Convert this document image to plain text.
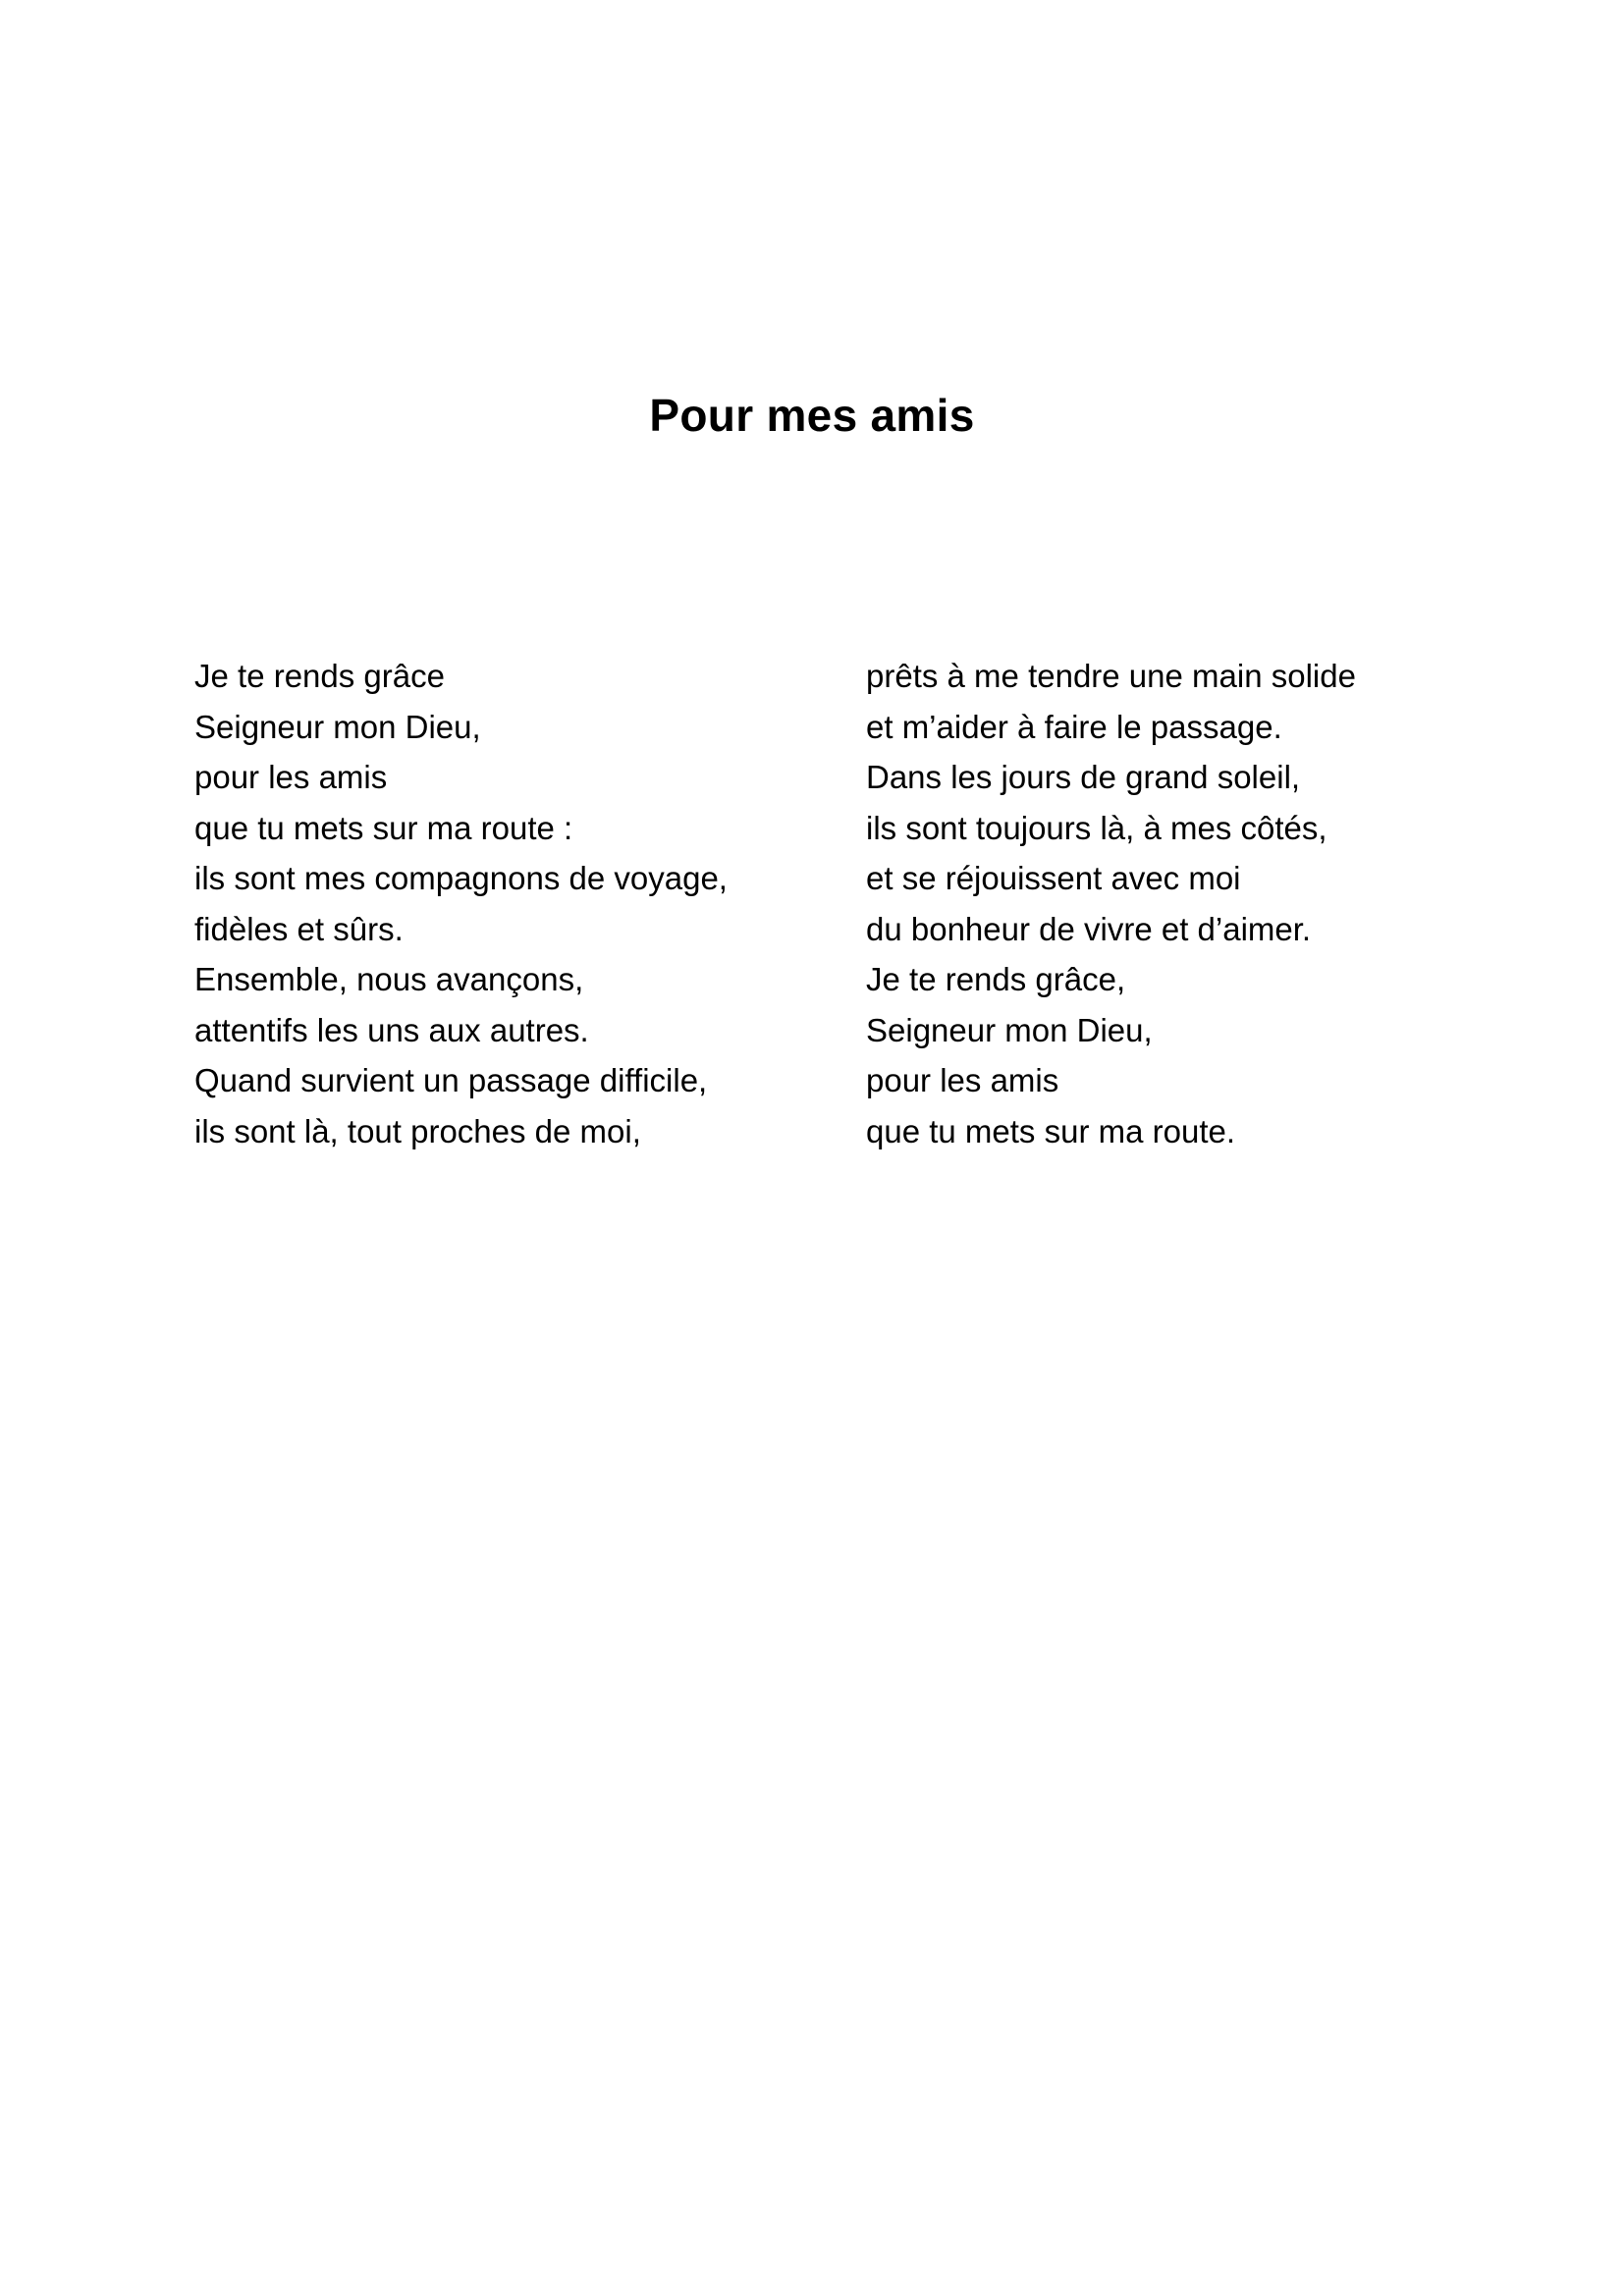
Pour mes amis
Je te rends grâce
Seigneur mon Dieu,
pour les amis
que tu mets sur ma route :
ils sont mes compagnons de voyage,
fidèles et sûrs.
Ensemble, nous avançons,
attentifs les uns aux autres.
Quand survient un passage difficile,
ils sont là, tout proches de moi,
prêts à me tendre une main solide
et m’aider à faire le passage.
Dans les jours de grand soleil,
ils sont toujours là, à mes côtés,
et se réjouissent avec moi
du bonheur de vivre et d’aimer.
Je te rends grâce,
Seigneur mon Dieu,
pour les amis
que tu mets sur ma route.
